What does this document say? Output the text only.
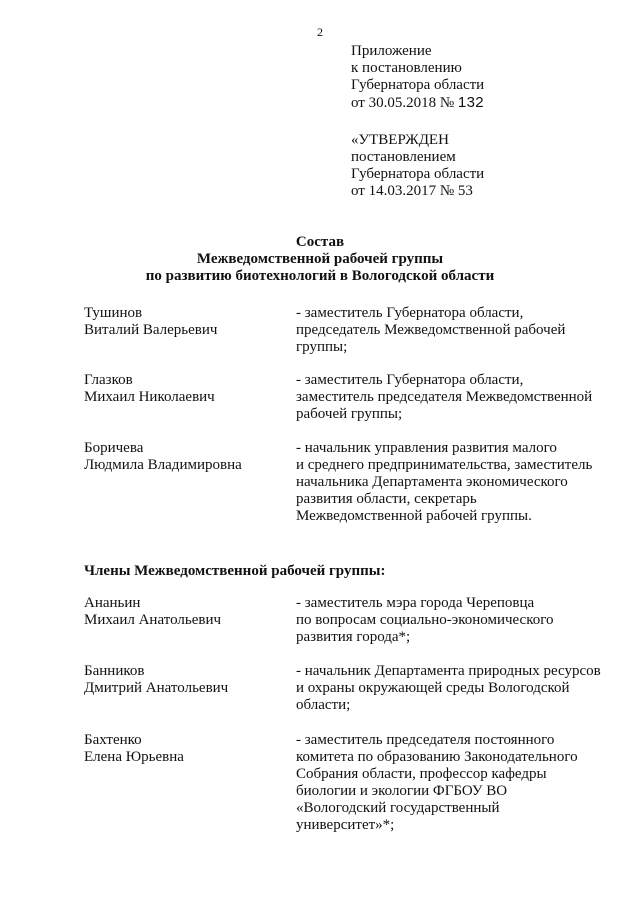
2
Приложение
к постановлению
Губернатора области
от 30.05.2018 № 132
«УТВЕРЖДЕН
постановлением
Губернатора области
от 14.03.2017 № 53
Состав
Межведомственной рабочей группы
по развитию биотехнологий в Вологодской области
Тушинов
Виталий Валерьевич
- заместитель Губернатора области,
председатель Межведомственной рабочей
группы;
Глазков
Михаил Николаевич
- заместитель Губернатора области,
заместитель председателя Межведомственной
рабочей группы;
Боричева
Людмила Владимировна
- начальник управления развития малого
и среднего предпринимательства, заместитель
начальника Департамента экономического
развития области, секретарь
Межведомственной рабочей группы.
Члены Межведомственной рабочей группы:
Ананьин
Михаил Анатольевич
- заместитель мэра города Череповца
по вопросам социально-экономического
развития города*;
Банников
Дмитрий Анатольевич
- начальник Департамента природных ресурсов
и охраны окружающей среды Вологодской
области;
Бахтенко
Елена Юрьевна
- заместитель председателя постоянного
комитета по образованию Законодательного
Собрания области, профессор кафедры
биологии и экологии ФГБОУ ВО
«Вологодский государственный
университет»*;
